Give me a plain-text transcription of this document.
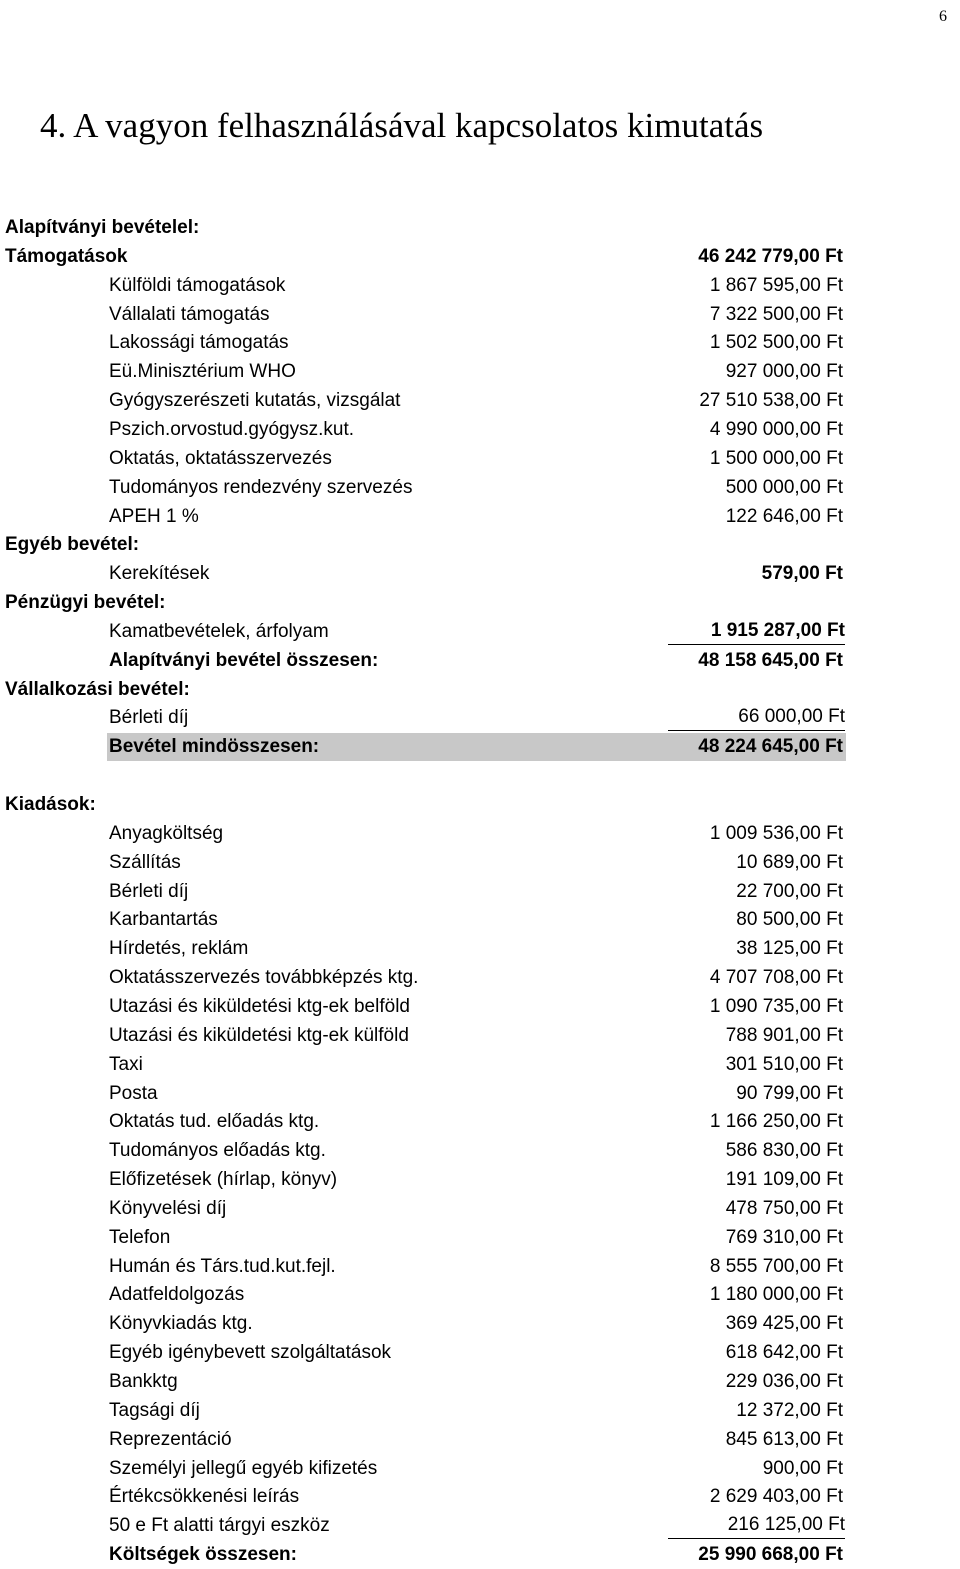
6
4. A vagyon felhasználásával kapcsolatos kimutatás
Alapítványi bevételel:
Támogatások	46 242 779,00 Ft
Külföldi támogatások	1 867 595,00 Ft
Vállalati támogatás	7 322 500,00 Ft
Lakossági támogatás	1 502 500,00 Ft
Eü.Minisztérium WHO	927 000,00 Ft
Gyógyszerészeti kutatás, vizsgálat	27 510 538,00 Ft
Pszich.orvostud.gyógysz.kut.	4 990 000,00 Ft
Oktatás, oktatásszervezés	1 500 000,00 Ft
Tudományos rendezvény szervezés	500 000,00 Ft
APEH 1 %	122 646,00 Ft
Egyéb bevétel:
Kerekítések	579,00 Ft
Pénzügyi bevétel:
Kamatbevételek, árfolyam	1 915 287,00 Ft
Alapítványi bevétel összesen:	48 158 645,00 Ft
Vállalkozási bevétel:
Bérleti díj	66 000,00 Ft
Bevétel mindösszesen:	48 224 645,00 Ft
Kiadások:
Anyagköltség	1 009 536,00 Ft
Szállítás	10 689,00 Ft
Bérleti díj	22 700,00 Ft
Karbantartás	80 500,00 Ft
Hírdetés, reklám	38 125,00 Ft
Oktatásszervezés továbbképzés ktg.	4 707 708,00 Ft
Utazási és kiküldetési ktg-ek belföld	1 090 735,00 Ft
Utazási és kiküldetési ktg-ek külföld	788 901,00 Ft
Taxi	301 510,00 Ft
Posta	90 799,00 Ft
Oktatás tud. előadás ktg.	1 166 250,00 Ft
Tudományos előadás ktg.	586 830,00 Ft
Előfizetések (hírlap, könyv)	191 109,00 Ft
Könyvelési díj	478 750,00 Ft
Telefon	769 310,00 Ft
Humán és Társ.tud.kut.fejl.	8 555 700,00 Ft
Adatfeldolgozás	1 180 000,00 Ft
Könyvkiadás ktg.	369 425,00 Ft
Egyéb igénybevett szolgáltatások	618 642,00 Ft
Bankktg	229 036,00 Ft
Tagsági díj	12 372,00 Ft
Reprezentáció	845 613,00 Ft
Személyi jellegű egyéb kifizetés	900,00 Ft
Értékcsökkenési leírás	2 629 403,00 Ft
50 e Ft alatti tárgyi eszköz	216 125,00 Ft
Költségek összesen:	25 990 668,00 Ft
